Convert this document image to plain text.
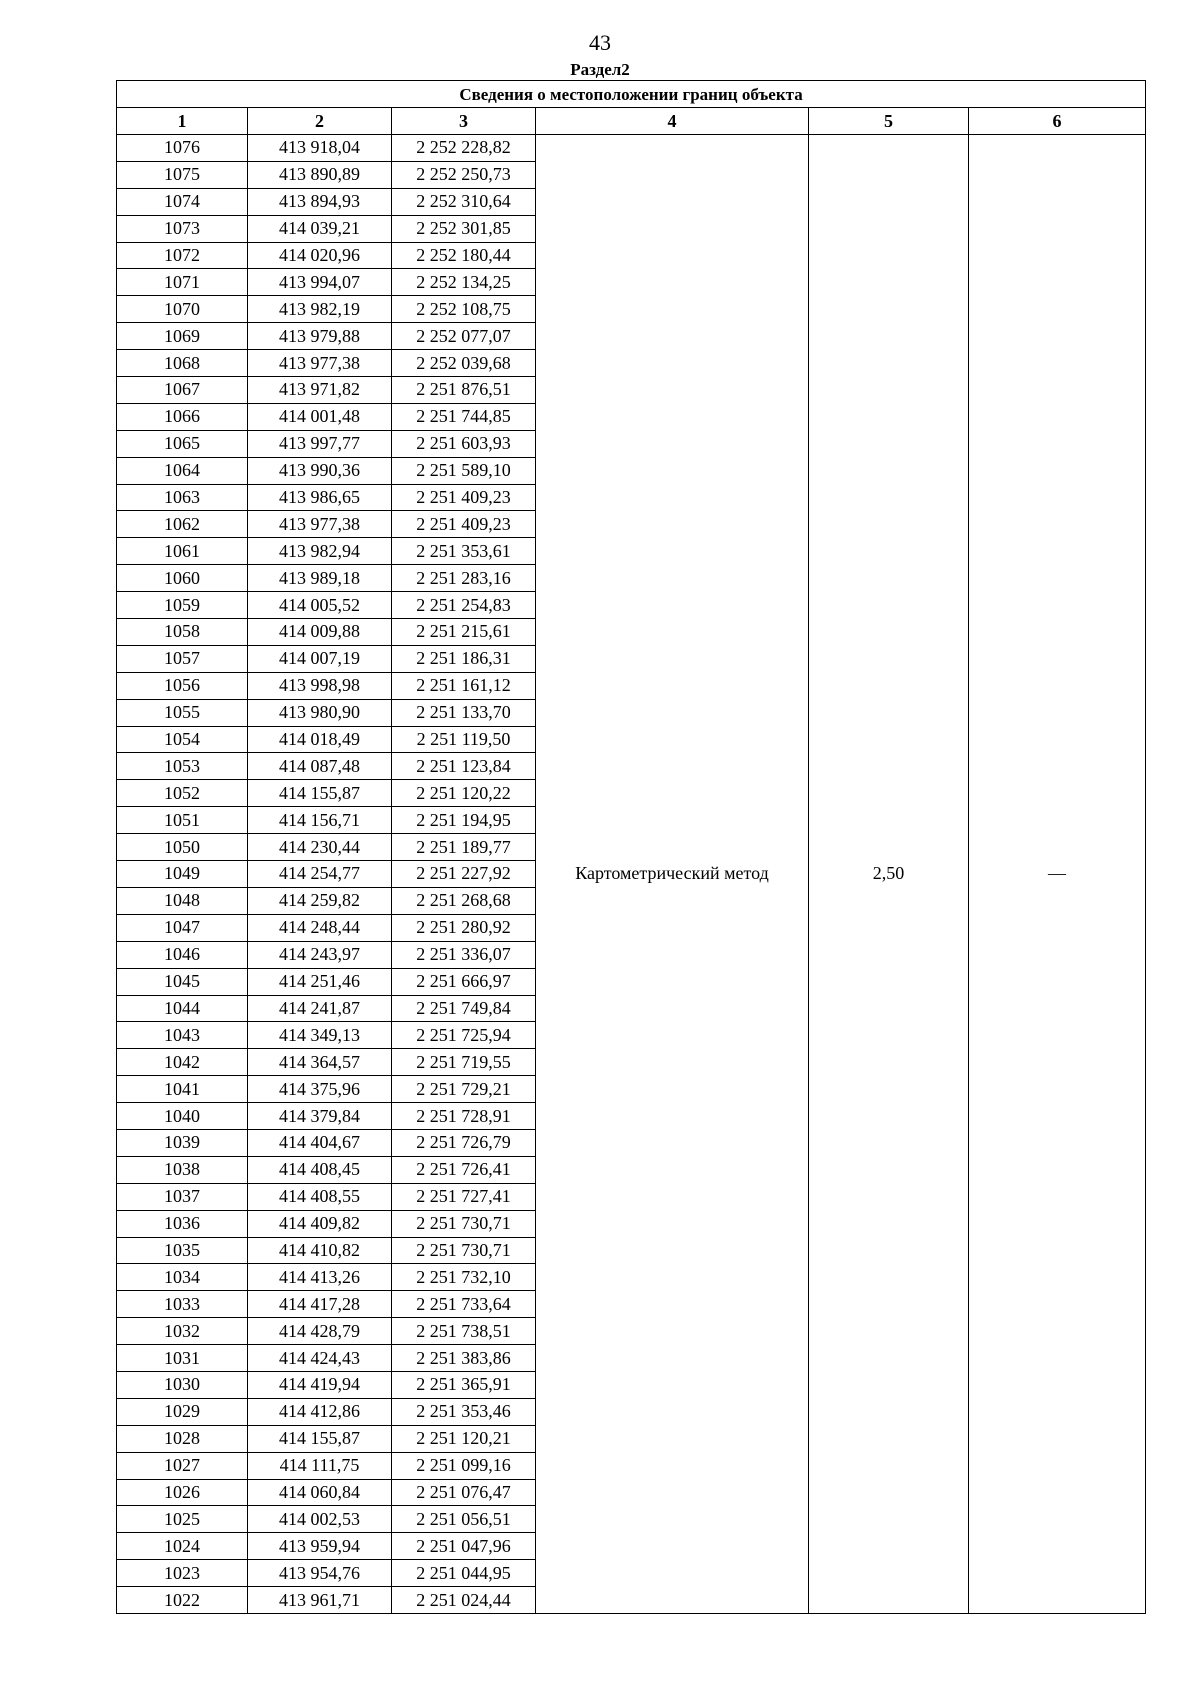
43
Раздел2
Сведения о местоположении границ объекта					
1	2	3	4	5	6
1076	413 918,04	2 252 228,82	Картометрический метод	2,50	—
1075	413 890,89	2 252 250,73			
1074	413 894,93	2 252 310,64			
1073	414 039,21	2 252 301,85			
1072	414 020,96	2 252 180,44			
1071	413 994,07	2 252 134,25			
1070	413 982,19	2 252 108,75			
1069	413 979,88	2 252 077,07			
1068	413 977,38	2 252 039,68			
1067	413 971,82	2 251 876,51			
1066	414 001,48	2 251 744,85			
1065	413 997,77	2 251 603,93			
1064	413 990,36	2 251 589,10			
1063	413 986,65	2 251 409,23			
1062	413 977,38	2 251 409,23			
1061	413 982,94	2 251 353,61			
1060	413 989,18	2 251 283,16			
1059	414 005,52	2 251 254,83			
1058	414 009,88	2 251 215,61			
1057	414 007,19	2 251 186,31			
1056	413 998,98	2 251 161,12			
1055	413 980,90	2 251 133,70			
1054	414 018,49	2 251 119,50			
1053	414 087,48	2 251 123,84			
1052	414 155,87	2 251 120,22			
1051	414 156,71	2 251 194,95			
1050	414 230,44	2 251 189,77			
1049	414 254,77	2 251 227,92			
1048	414 259,82	2 251 268,68			
1047	414 248,44	2 251 280,92			
1046	414 243,97	2 251 336,07			
1045	414 251,46	2 251 666,97			
1044	414 241,87	2 251 749,84			
1043	414 349,13	2 251 725,94			
1042	414 364,57	2 251 719,55			
1041	414 375,96	2 251 729,21			
1040	414 379,84	2 251 728,91			
1039	414 404,67	2 251 726,79			
1038	414 408,45	2 251 726,41			
1037	414 408,55	2 251 727,41			
1036	414 409,82	2 251 730,71			
1035	414 410,82	2 251 730,71			
1034	414 413,26	2 251 732,10			
1033	414 417,28	2 251 733,64			
1032	414 428,79	2 251 738,51			
1031	414 424,43	2 251 383,86			
1030	414 419,94	2 251 365,91			
1029	414 412,86	2 251 353,46			
1028	414 155,87	2 251 120,21			
1027	414 111,75	2 251 099,16			
1026	414 060,84	2 251 076,47			
1025	414 002,53	2 251 056,51			
1024	413 959,94	2 251 047,96			
1023	413 954,76	2 251 044,95			
1022	413 961,71	2 251 024,44			
